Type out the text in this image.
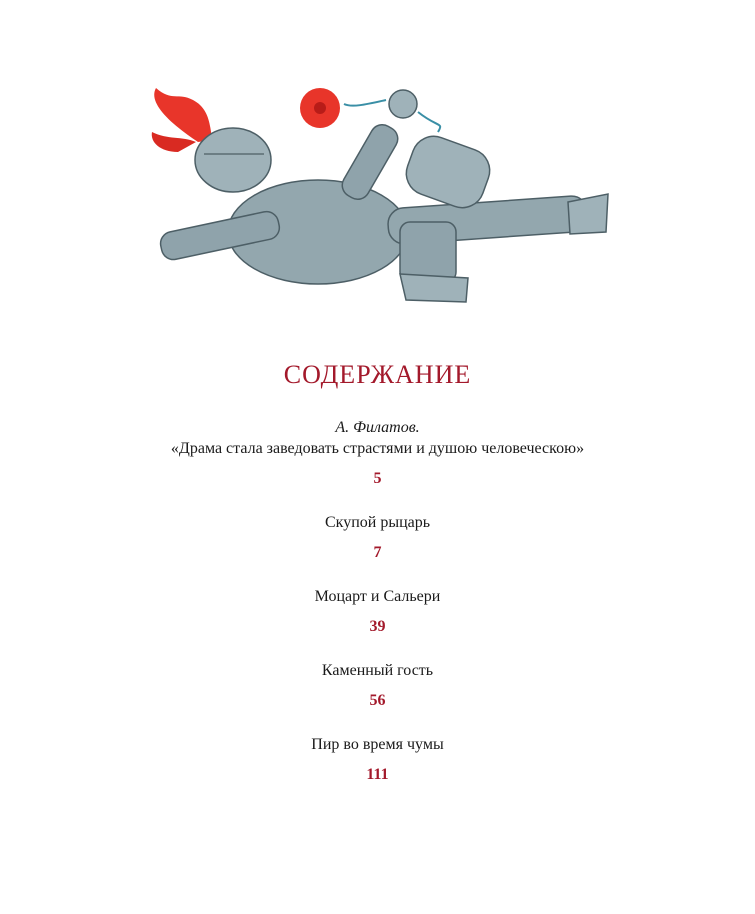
СОДЕРЖАНИЕ
А. Филатов.
«Драма стала заведовать страстями и душою человеческою»
5
Скупой рыцарь
7
Моцарт и Сальери
39
Каменный гость
56
Пир во время чумы
111
